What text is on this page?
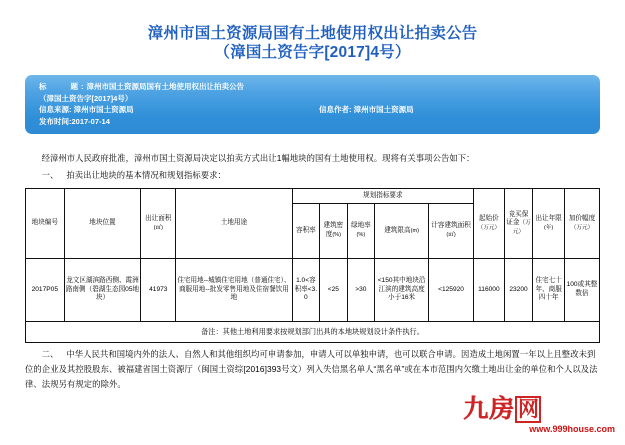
漳州市国土资源局国有土地使用权出让拍卖公告
（漳国土资告字[2017]4号）
标　　题: 漳州市国土资源局国有土地使用权出让拍卖公告
（漳国土资告字[2017]4号）
信息来源: 漳州市国土资源局	信息作者: 漳州市国土资源局
发布时间: 2017-07-14

经漳州市人民政府批准，漳州市国土资源局决定以拍卖方式出让1幅地块的国有土地使用权。现将有关事项公告如下：

一、 拍卖出让地块的基本情况和规划指标要求：

地块编号	地块位置	出让面积(㎡)	土地用途	规划指标要求					起始价（万元）	竞买保证金（万元）	出让年限(年)	加价幅度（万元）
				容积率	建筑密度(%)	绿地率(%)	建筑限高(m)	计容建筑面积(㎡)				
2017P05	龙文区湖滨路西侧、霞洲路南侧（碧湖生态园05地块）	41973	住宅用地--城镇住宅用地（普通住宅）、商服用地--批发零售用地及住宿餐饮用地	1.0<容积率<3.0	<25	>30	<150其中地块沿江滨的建筑高度小于16米	<125920	116000	23200	住宅七十年、商服四十年	100或其整数倍
备注：其他土地利用要求按规划部门出具的本地块规划设计条件执行。												

二、 中华人民共和国境内外的法人、自然人和其他组织均可申请参加，申请人可以单独申请，也可以联合申请。因造成土地闲置一年以上且整改未到位的企业及其控股股东、被福建省国土资源厅（闽国土资综[2016]393号文）列入失信黑名单人“黑名单”或在本市范围内欠缴土地出让金的单位和个人以及法律、法规另有规定的除外。

九 房 网
www.999house.com
